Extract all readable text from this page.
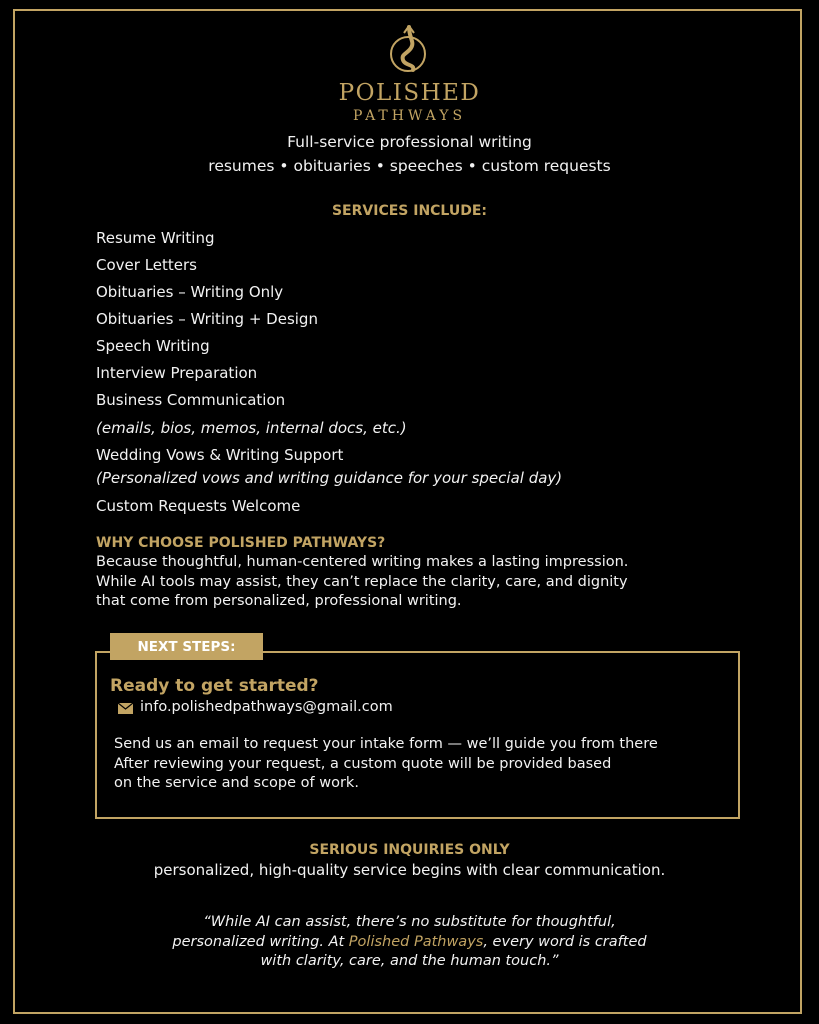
POLISHED
PATHWAYS
Full-service professional writing
resumes • obituaries • speeches • custom requests
SERVICES INCLUDE:
Resume Writing
Cover Letters
Obituaries – Writing Only
Obituaries – Writing + Design
Speech Writing
Interview Preparation
Business Communication
(emails, bios, memos, internal docs, etc.)
Wedding Vows & Writing Support
(Personalized vows and writing guidance for your special day)
Custom Requests Welcome
WHY CHOOSE POLISHED PATHWAYS?
Because thoughtful, human-centered writing makes a lasting impression.
While AI tools may assist, they can’t replace the clarity, care, and dignity
that come from personalized, professional writing.
NEXT STEPS:
Ready to get started?
info.polishedpathways@gmail.com
Send us an email to request your intake form — we’ll guide you from there
After reviewing your request, a custom quote will be provided based
on the service and scope of work.
SERIOUS INQUIRIES ONLY
personalized, high-quality service begins with clear communication.
“While AI can assist, there’s no substitute for thoughtful,
personalized writing. At Polished Pathways, every word is crafted
with clarity, care, and the human touch.”
